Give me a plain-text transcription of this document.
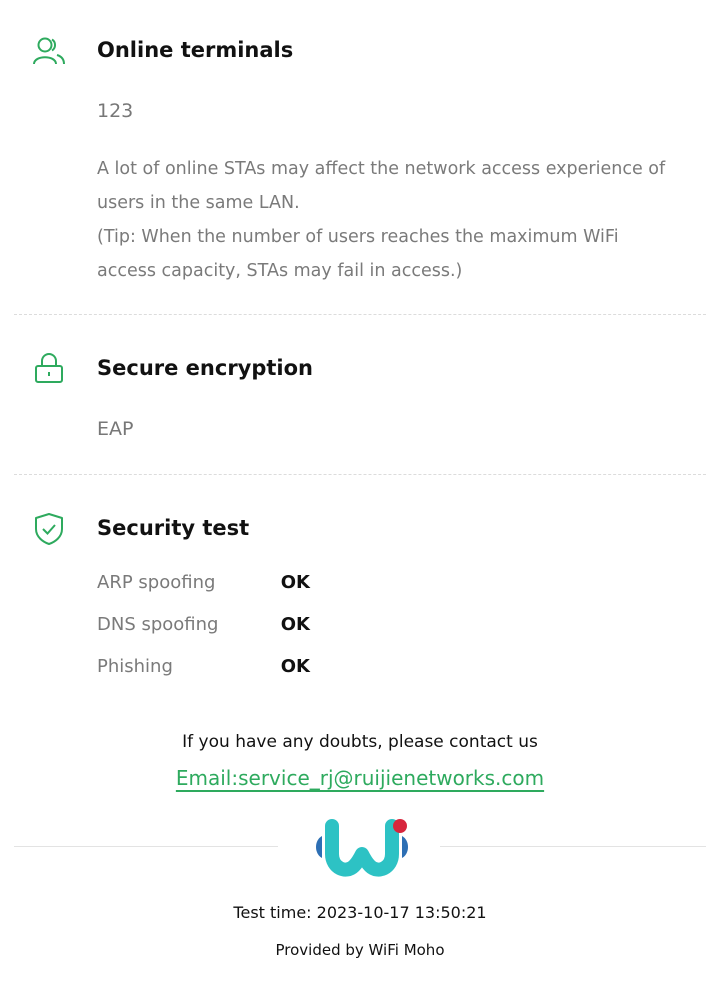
Online terminals
123
A lot of online STAs may affect the network access experience of users in the same LAN.
(Tip: When the number of users reaches the maximum WiFi access capacity, STAs may fail in access.)
Secure encryption
EAP
Security test
ARP spoofing	OK
DNS spoofing	OK
Phishing	OK
If you have any doubts, please contact us
Email:service_rj@ruijienetworks.com
Test time: 2023-10-17 13:50:21
Provided by WiFi Moho
